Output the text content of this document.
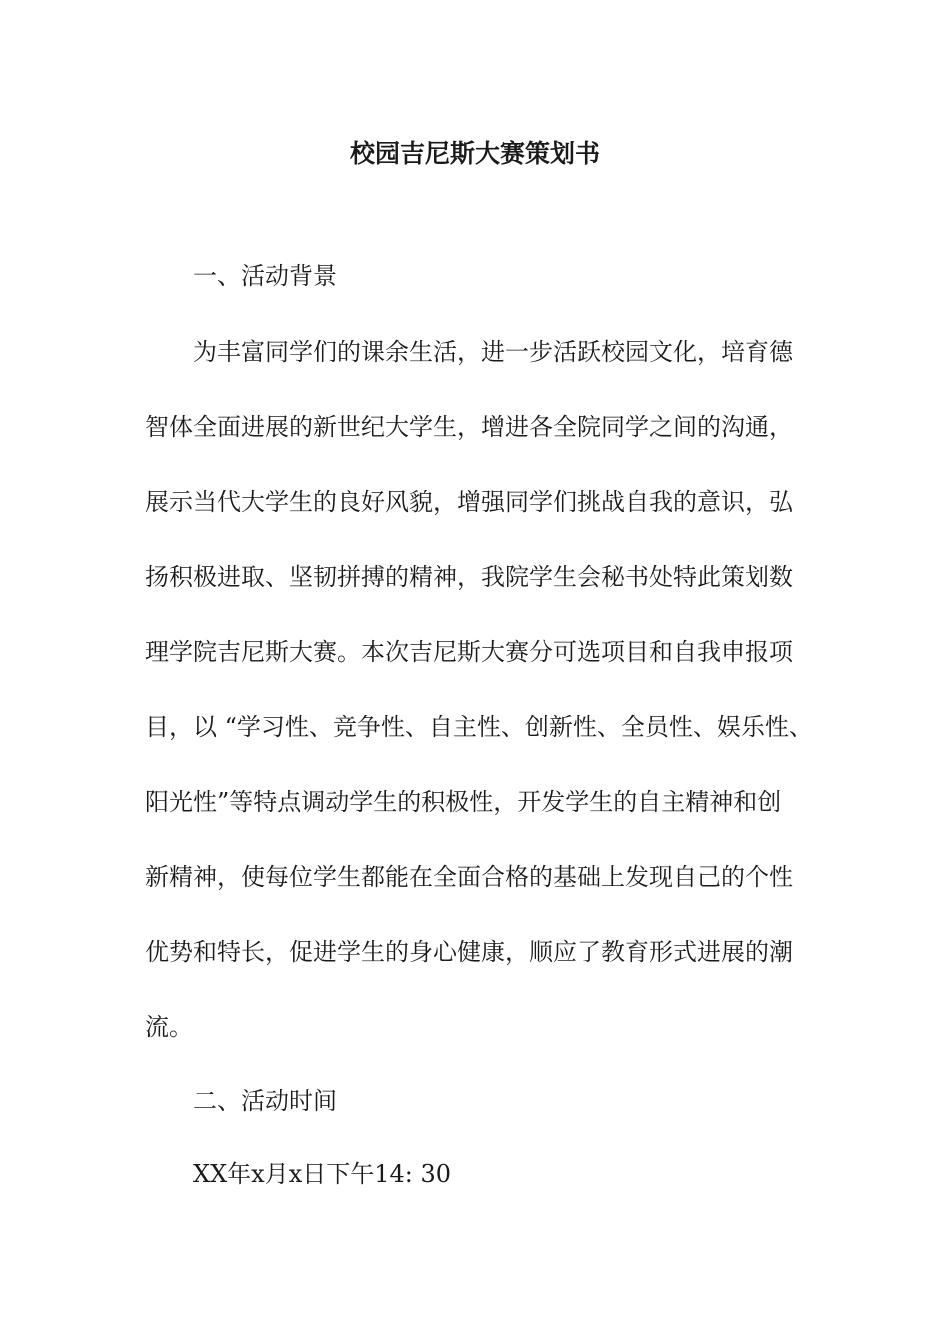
校园吉尼斯大赛策划书

一、活动背景

为丰富同学们的课余生活，进一步活跃校园文化，培育德

智体全面进展的新世纪大学生，增进各全院同学之间的沟通，

展示当代大学生的良好风貌，增强同学们挑战自我的意识，弘

扬积极进取、坚韧拼搏的精神，我院学生会秘书处特此策划数

理学院吉尼斯大赛。本次吉尼斯大赛分可选项目和自我申报项

目，以 “学习性、竞争性、自主性、创新性、全员性、娱乐性、

阳光性”等特点调动学生的积极性，开发学生的自主精神和创

新精神，使每位学生都能在全面合格的基础上发现自己的个性

优势和特长，促进学生的身心健康，顺应了教育形式进展的潮

流。

二、活动时间

XX年x月x日下午14: 30
